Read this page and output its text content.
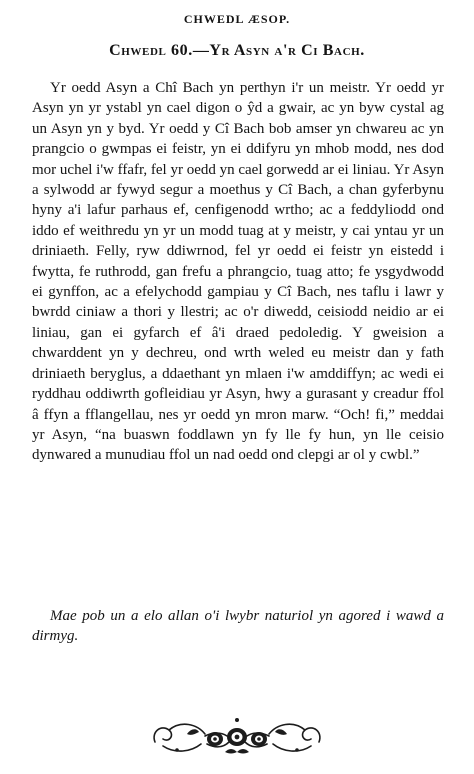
CHWEDL ÆSOP.
Chwedl 60.—Yr Asyn a'r Ci Bach.

Yr oedd Asyn a Chî Bach yn perthyn i'r un meistr. Yr oedd yr Asyn yn yr ystabl yn cael digon o ŷd a gwair, ac yn byw cystal ag un Asyn yn y byd. Yr oedd y Cî Bach bob amser yn chwareu ac yn prangcio o gwmpas ei feistr, yn ei ddifyru yn mhob modd, nes dod mor uchel i'w ffafr, fel yr oedd yn cael gorwedd ar ei liniau. Yr Asyn a sylwodd ar fywyd segur a moethus y Cî Bach, a chan gyferbynu hyny a'i lafur parhaus ef, cenfigenodd wrtho; ac a feddyliodd ond iddo ef weithredu yn yr un modd tuag at y meistr, y cai yntau yr un driniaeth. Felly, ryw ddiwrnod, fel yr oedd ei feistr yn eistedd i fwytta, fe ruthrodd, gan frefu a phrangcio, tuag atto; fe ysgydwodd ei gynffon, ac a efelychodd gampiau y Cî Bach, nes taflu i lawr y bwrdd ciniaw a thori y llestri; ac o'r diwedd, ceisiodd neidio ar ei liniau, gan ei gyfarch ef â'i draed pedoledig. Y gweision a chwarddent yn y dechreu, ond wrth weled eu meistr dan y fath driniaeth beryglus, a ddaethant yn mlaen i'w amddiffyn; ac wedi ei ryddhau oddiwrth gofleidiau yr Asyn, hwy a gurasant y creadur ffol â ffyn a fflangellau, nes yr oedd yn mron marw. “Och! fi,” meddai yr Asyn, “na buaswn foddlawn yn fy lle fy hun, yn lle ceisio dynwared a munudiau ffol un nad oedd ond clepgi ar ol y cwbl.”

Mae pob un a elo allan o'i lwybr naturiol yn agored i wawd a dirmyg.
